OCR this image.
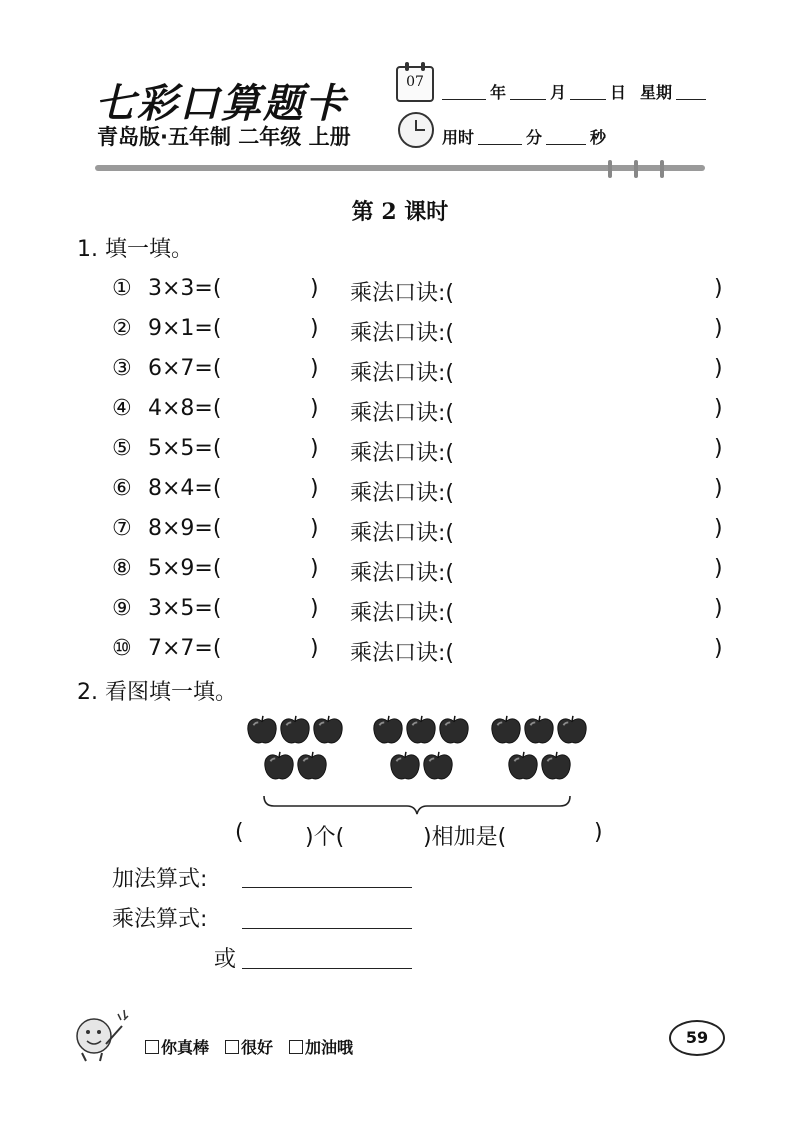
七彩口算题卡
青岛版·五年制 二年级 上册
07
年	月	日 星期
用时	分	秒
第 2 课时
1. 填一填。
① 3×3=(	) 乘法口诀:(	)
② 9×1=(	) 乘法口诀:(	)
③ 6×7=(	) 乘法口诀:(	)
④ 4×8=(	) 乘法口诀:(	)
⑤ 5×5=(	) 乘法口诀:(	)
⑥ 8×4=(	) 乘法口诀:(	)
⑦ 8×9=(	) 乘法口诀:(	)
⑧ 5×9=(	) 乘法口诀:(	)
⑨ 3×5=(	) 乘法口诀:(	)
⑩ 7×7=(	) 乘法口诀:(	)
2. 看图填一填。
(	)个(	)相加是(	)
加法算式:
乘法算式:
或
你真棒	很好	加油哦
59
